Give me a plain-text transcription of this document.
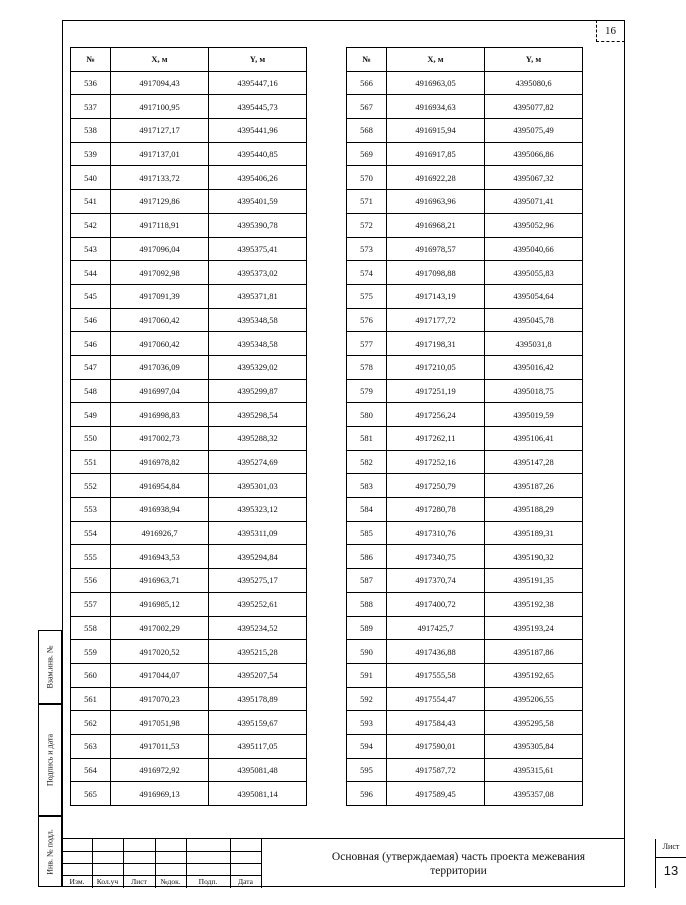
16
№	X, м	Y, м
536	4917094,43	4395447,16
537	4917100,95	4395445,73
538	4917127,17	4395441,96
539	4917137,01	4395440,85
540	4917133,72	4395406,26
541	4917129,86	4395401,59
542	4917118,91	4395390,78
543	4917096,04	4395375,41
544	4917092,98	4395373,02
545	4917091,39	4395371,81
546	4917060,42	4395348,58
546	4917060,42	4395348,58
547	4917036,09	4395329,02
548	4916997,04	4395299,87
549	4916998,83	4395298,54
550	4917002,73	4395288,32
551	4916978,82	4395274,69
552	4916954,84	4395301,03
553	4916938,94	4395323,12
554	4916926,7	4395311,09
555	4916943,53	4395294,84
556	4916963,71	4395275,17
557	4916985,12	4395252,61
558	4917002,29	4395234,52
559	4917020,52	4395215,28
560	4917044,07	4395207,54
561	4917070,23	4395178,89
562	4917051,98	4395159,67
563	4917011,53	4395117,05
564	4916972,92	4395081,48
565	4916969,13	4395081,14
№	X, м	Y, м
566	4916963,05	4395080,6
567	4916934,63	4395077,82
568	4916915,94	4395075,49
569	4916917,85	4395066,86
570	4916922,28	4395067,32
571	4916963,96	4395071,41
572	4916968,21	4395052,96
573	4916978,57	4395040,66
574	4917098,88	4395055,83
575	4917143,19	4395054,64
576	4917177,72	4395045,78
577	4917198,31	4395031,8
578	4917210,05	4395016,42
579	4917251,19	4395018,75
580	4917256,24	4395019,59
581	4917262,11	4395106,41
582	4917252,16	4395147,28
583	4917250,79	4395187,26
584	4917280,78	4395188,29
585	4917310,76	4395189,31
586	4917340,75	4395190,32
587	4917370,74	4395191,35
588	4917400,72	4395192,38
589	4917425,7	4395193,24
590	4917436,88	4395187,86
591	4917555,58	4395192,65
592	4917554,47	4395206,55
593	4917584,43	4395295,58
594	4917590,01	4395305,84
595	4917587,72	4395315,61
596	4917589,45	4395357,08
Взам.инв. №
Подпись и дата
Инв. № подл.
Изм.	Кол.уч	Лист	№док.	Подп.	Дата
Основная (утверждаемая) часть проекта межевания территории
Лист
13
